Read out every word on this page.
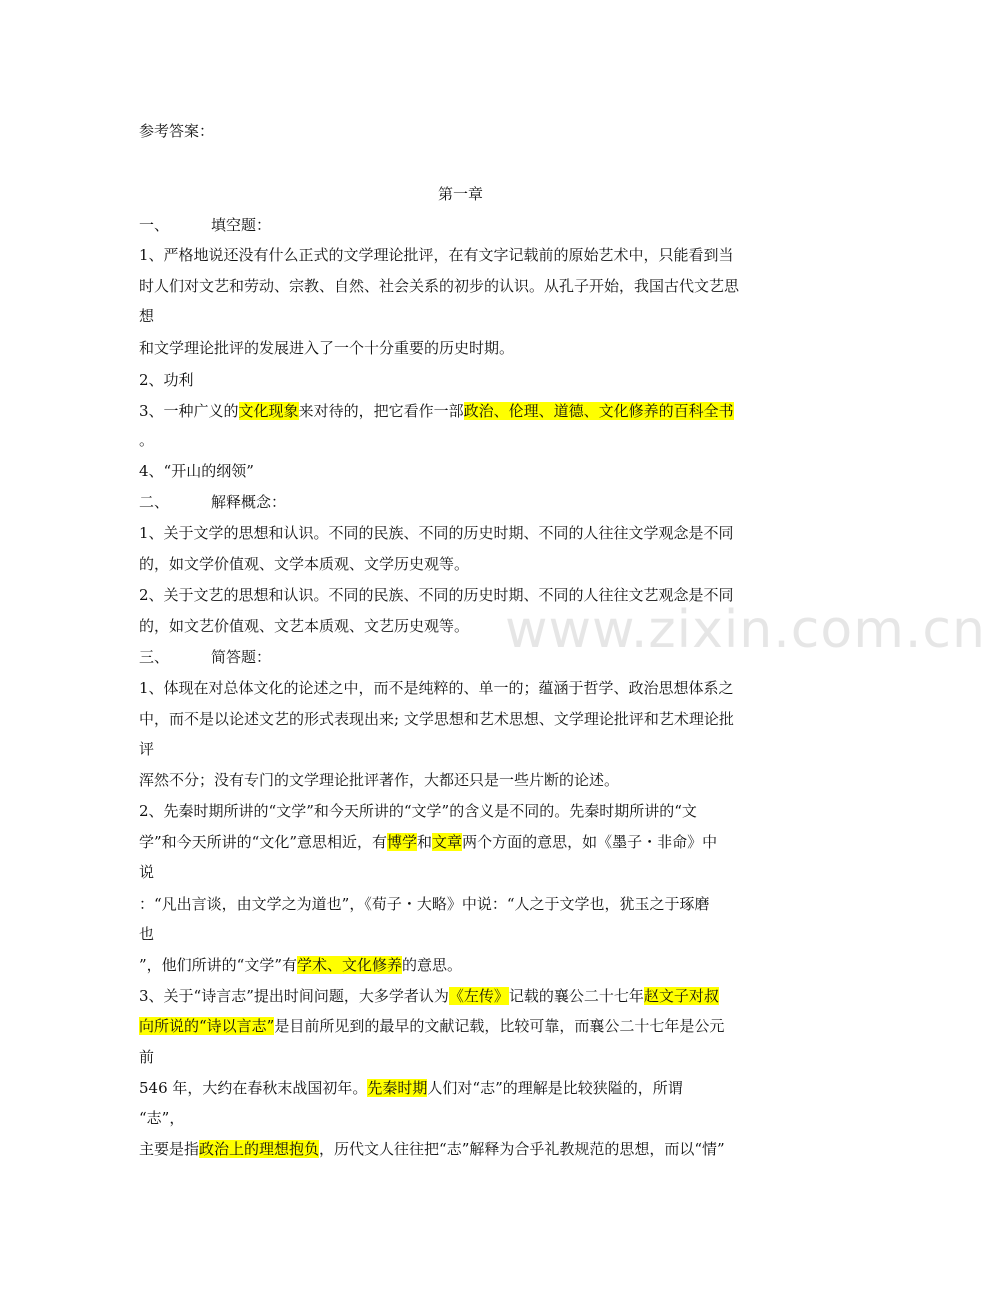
www.zixin.com.cn
参考答案：
第一章
一、	填空题：
1、严格地说还没有什么正式的文学理论批评，在有文字记载前的原始艺术中，只能看到当
时人们对文艺和劳动、宗教、自然、社会关系的初步的认识。从孔子开始，我国古代文艺思
想
和文学理论批评的发展进入了一个十分重要的历史时期。
2、功利
3、一种广义的文化现象来对待的，把它看作一部政治、伦理、道德、文化修养的百科全书
。
4、“开山的纲领”
二、	解释概念：
1、关于文学的思想和认识。不同的民族、不同的历史时期、不同的人往往文学观念是不同
的，如文学价值观、文学本质观、文学历史观等。
2、关于文艺的思想和认识。不同的民族、不同的历史时期、不同的人往往文艺观念是不同
的，如文艺价值观、文艺本质观、文艺历史观等。
三、	简答题：
1、体现在对总体文化的论述之中，而不是纯粹的、单一的；蕴涵于哲学、政治思想体系之
中，而不是以论述文艺的形式表现出来; 文学思想和艺术思想、文学理论批评和艺术理论批
评
浑然不分；没有专门的文学理论批评著作，大都还只是一些片断的论述。
2、先秦时期所讲的“文学”和今天所讲的“文学”的含义是不同的。先秦时期所讲的“文
学”和今天所讲的“文化”意思相近，有博学和文章两个方面的意思，如《墨子・非命》中
说
：“凡出言谈，由文学之为道也”，《荀子・大略》中说：“人之于文学也，犹玉之于琢磨
也
”，他们所讲的“文学”有学术、文化修养的意思。
3、关于“诗言志”提出时间问题，大多学者认为《左传》记载的襄公二十七年赵文子对叔
向所说的“诗以言志”是目前所见到的最早的文献记载，比较可靠，而襄公二十七年是公元
前
546 年，大约在春秋末战国初年。先秦时期人们对“志”的理解是比较狭隘的，所谓
“志”，
主要是指政治上的理想抱负，历代文人往往把“志”解释为合乎礼教规范的思想，而以“情”
